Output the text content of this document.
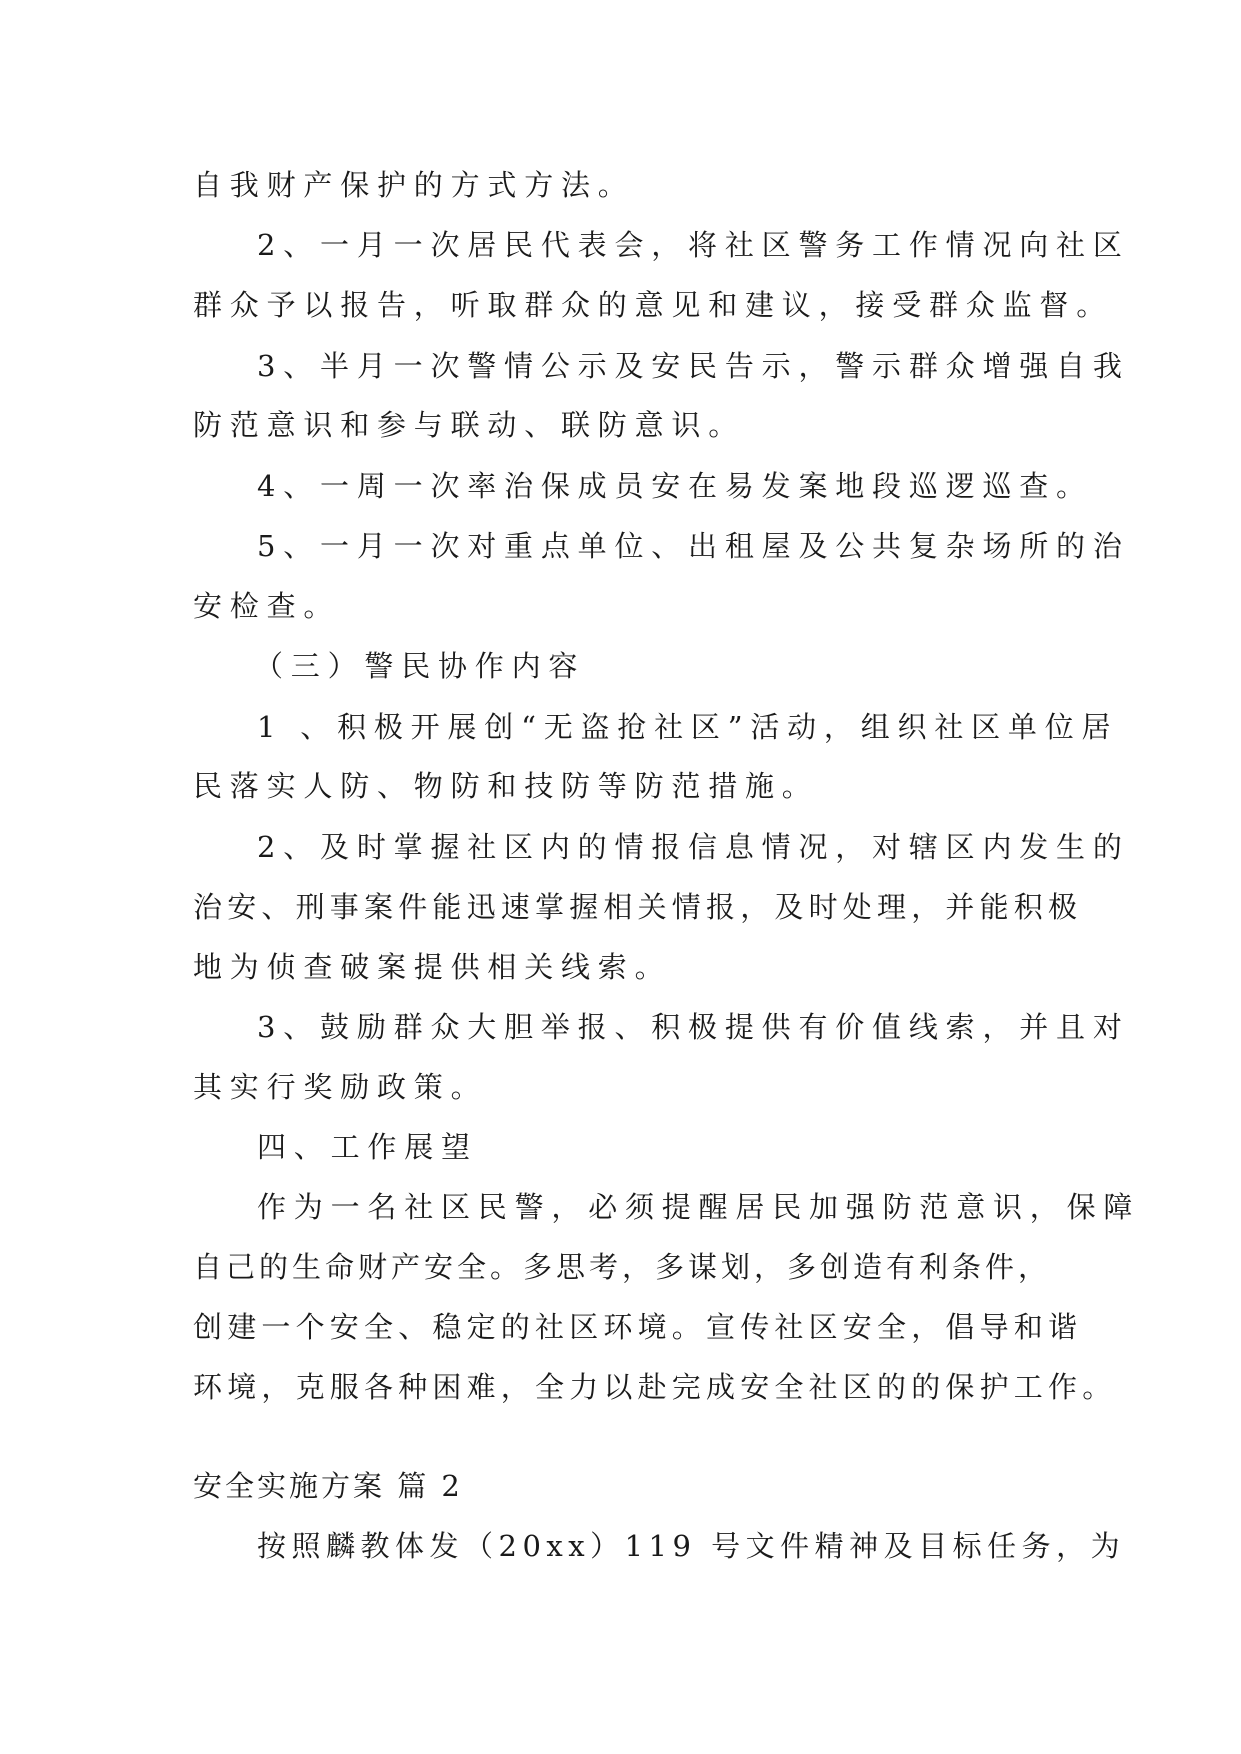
自我财产保护的方式方法。
2、一月一次居民代表会，将社区警务工作情况向社区
群众予以报告，听取群众的意见和建议，接受群众监督。
3、半月一次警情公示及安民告示，警示群众增强自我
防范意识和参与联动、联防意识。
4、一周一次率治保成员安在易发案地段巡逻巡查。
5、一月一次对重点单位、出租屋及公共复杂场所的治
安检查。
（三）警民协作内容
1 、积极开展创“无盗抢社区”活动，组织社区单位居
民落实人防、物防和技防等防范措施。
2、及时掌握社区内的情报信息情况，对辖区内发生的
治安、刑事案件能迅速掌握相关情报，及时处理，并能积极
地为侦查破案提供相关线索。
3、鼓励群众大胆举报、积极提供有价值线索，并且对
其实行奖励政策。
四、工作展望
作为一名社区民警，必须提醒居民加强防范意识，保障
自己的生命财产安全。多思考，多谋划，多创造有利条件，
创建一个安全、稳定的社区环境。宣传社区安全，倡导和谐
环境，克服各种困难，全力以赴完成安全社区的的保护工作。
安全实施方案 篇 2
按照麟教体发（20xx）119 号文件精神及目标任务，为
